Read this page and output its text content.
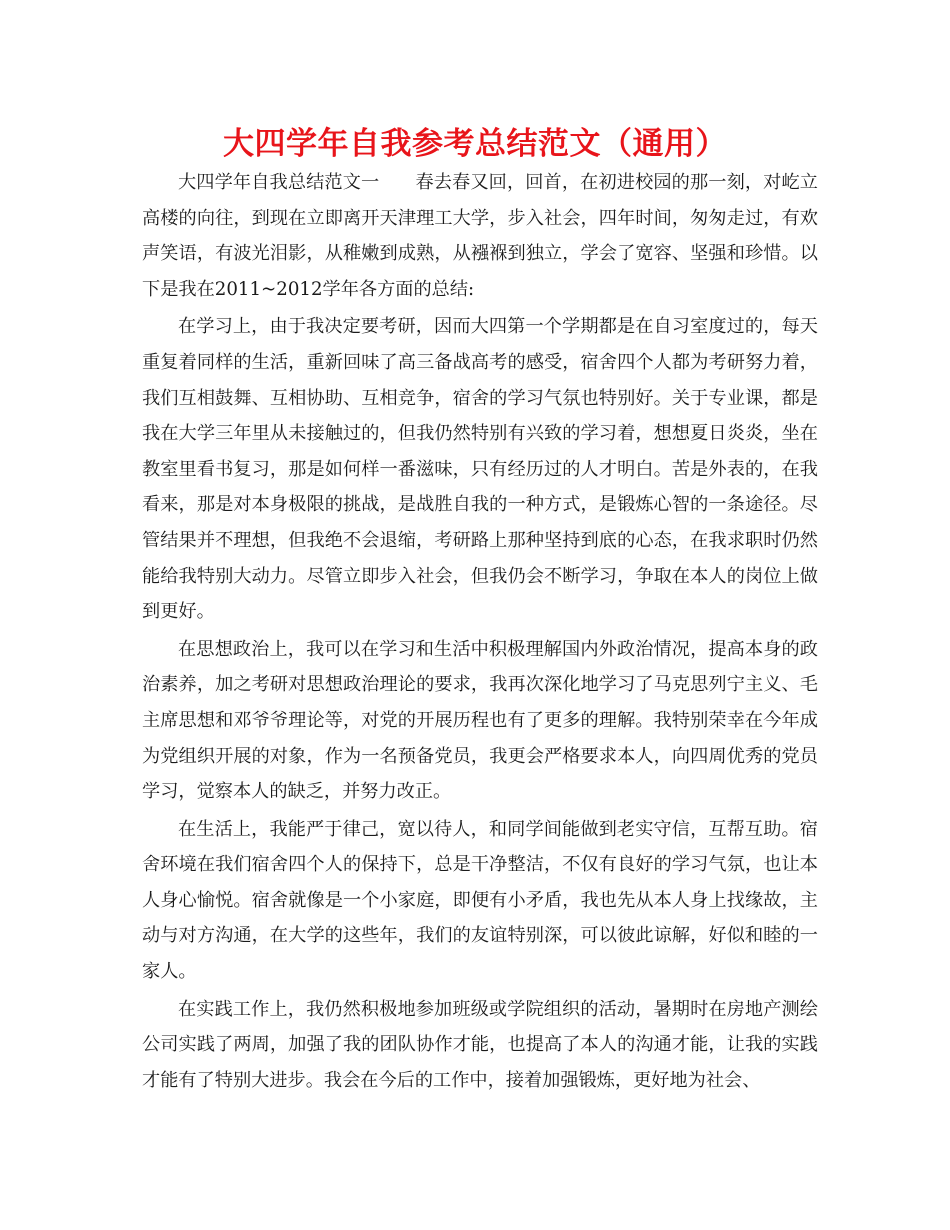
大四学年自我参考总结范文（通用）

大四学年自我总结范文一 春去春又回，回首，在初进校园的那一刻，对屹立高楼的向往，到现在立即离开天津理工大学，步入社会，四年时间，匆匆走过，有欢声笑语，有波光泪影，从稚嫩到成熟，从襁褓到独立，学会了宽容、坚强和珍惜。以下是我在2011~2012学年各方面的总结:

在学习上，由于我决定要考研，因而大四第一个学期都是在自习室度过的，每天重复着同样的生活，重新回味了高三备战高考的感受，宿舍四个人都为考研努力着，我们互相鼓舞、互相协助、互相竞争，宿舍的学习气氛也特别好。关于专业课，都是我在大学三年里从未接触过的，但我仍然特别有兴致的学习着，想想夏日炎炎，坐在教室里看书复习，那是如何样一番滋味，只有经历过的人才明白。苦是外表的，在我看来，那是对本身极限的挑战，是战胜自我的一种方式，是锻炼心智的一条途径。尽管结果并不理想，但我绝不会退缩，考研路上那种坚持到底的心态，在我求职时仍然能给我特别大动力。尽管立即步入社会，但我仍会不断学习，争取在本人的岗位上做到更好。

在思想政治上，我可以在学习和生活中积极理解国内外政治情况，提高本身的政治素养，加之考研对思想政治理论的要求，我再次深化地学习了马克思列宁主义、毛主席思想和邓爷爷理论等，对党的开展历程也有了更多的理解。我特别荣幸在今年成为党组织开展的对象，作为一名预备党员，我更会严格要求本人，向四周优秀的党员学习，觉察本人的缺乏，并努力改正。

在生活上，我能严于律己，宽以待人，和同学间能做到老实守信，互帮互助。宿舍环境在我们宿舍四个人的保持下，总是干净整洁，不仅有良好的学习气氛，也让本人身心愉悦。宿舍就像是一个小家庭，即便有小矛盾，我也先从本人身上找缘故，主动与对方沟通，在大学的这些年，我们的友谊特别深，可以彼此谅解，好似和睦的一家人。

在实践工作上，我仍然积极地参加班级或学院组织的活动，暑期时在房地产测绘公司实践了两周，加强了我的团队协作才能，也提高了本人的沟通才能，让我的实践才能有了特别大进步。我会在今后的工作中，接着加强锻炼，更好地为社会、
